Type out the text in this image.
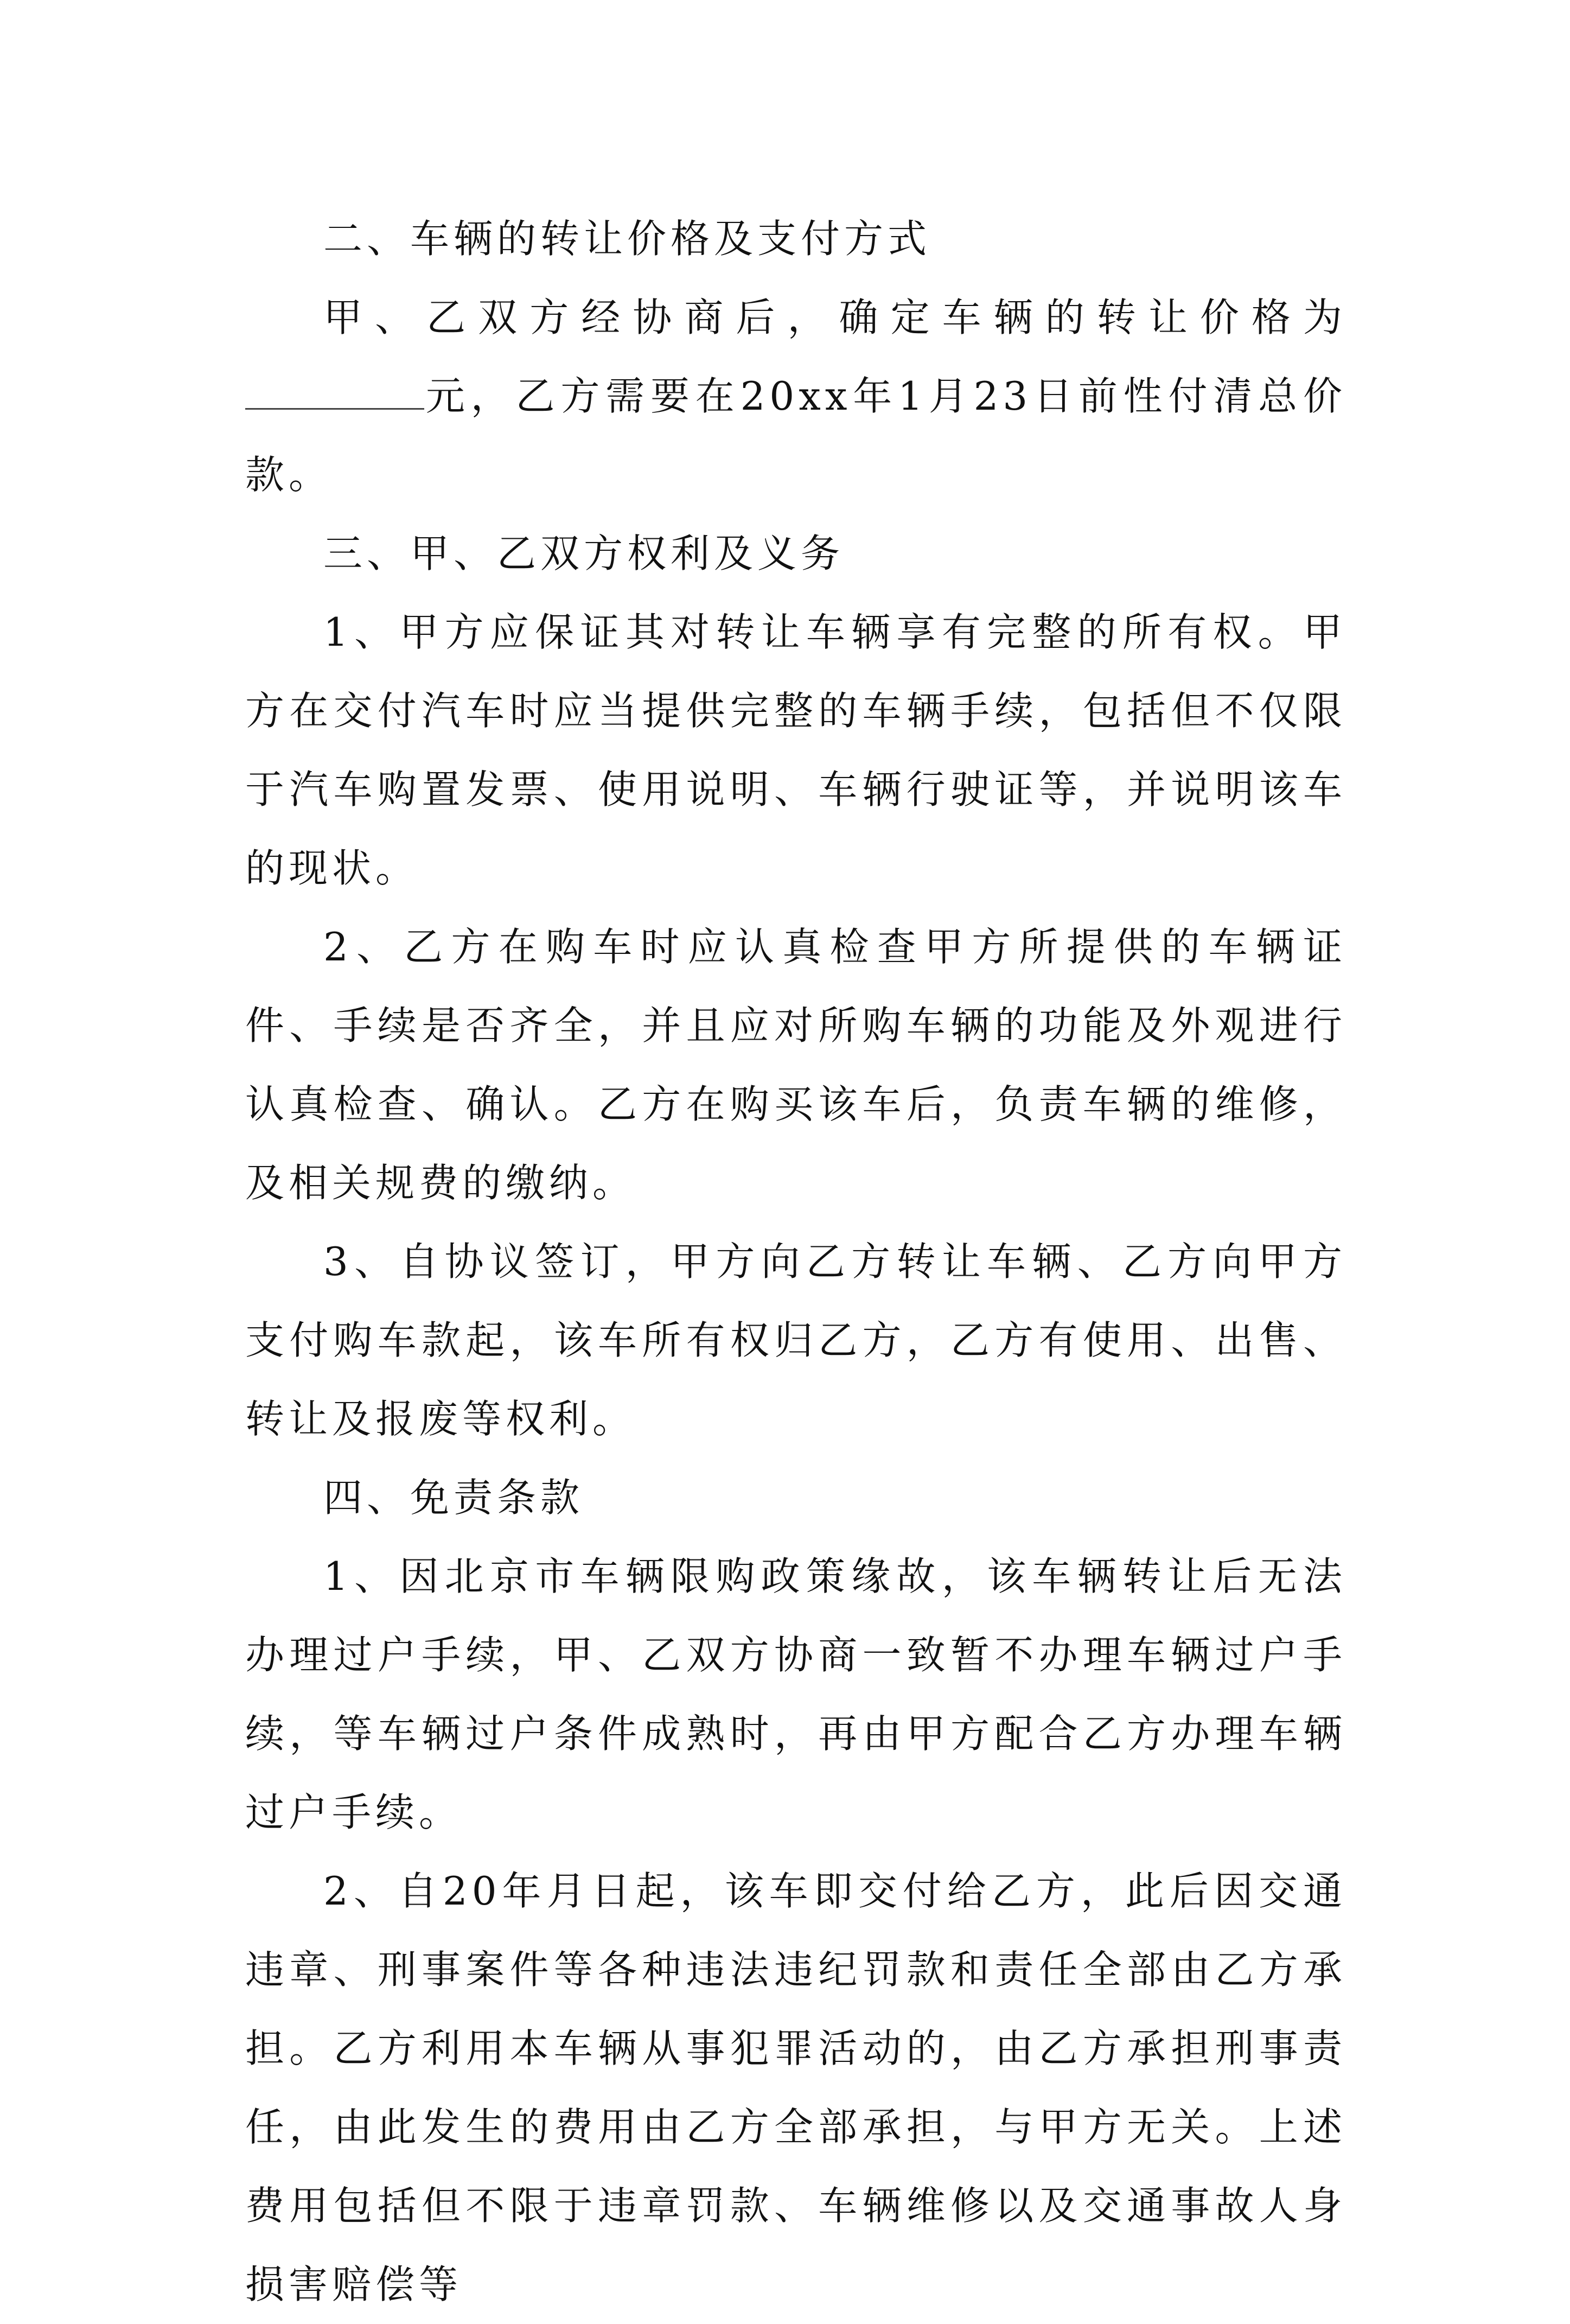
二、车辆的转让价格及支付方式

甲、乙双方经协商后，确定车辆的转让价格为元，乙方需要在20xx年1月23日前性付清总价款。

三、甲、乙双方权利及义务

1、甲方应保证其对转让车辆享有完整的所有权。甲方在交付汽车时应当提供完整的车辆手续，包括但不仅限于汽车购置发票、使用说明、车辆行驶证等，并说明该车的现状。

2、乙方在购车时应认真检查甲方所提供的车辆证件、手续是否齐全，并且应对所购车辆的功能及外观进行认真检查、确认。乙方在购买该车后，负责车辆的维修，及相关规费的缴纳。

3、自协议签订，甲方向乙方转让车辆、乙方向甲方支付购车款起，该车所有权归乙方，乙方有使用、出售、转让及报废等权利。

四、免责条款

1、因北京市车辆限购政策缘故，该车辆转让后无法办理过户手续，甲、乙双方协商一致暂不办理车辆过户手续，等车辆过户条件成熟时，再由甲方配合乙方办理车辆过户手续。

2、自20年月日起，该车即交付给乙方，此后因交通违章、刑事案件等各种违法违纪罚款和责任全部由乙方承担。乙方利用本车辆从事犯罪活动的，由乙方承担刑事责任，由此发生的费用由乙方全部承担，与甲方无关。上述费用包括但不限于违章罚款、车辆维修以及交通事故人身损害赔偿等
